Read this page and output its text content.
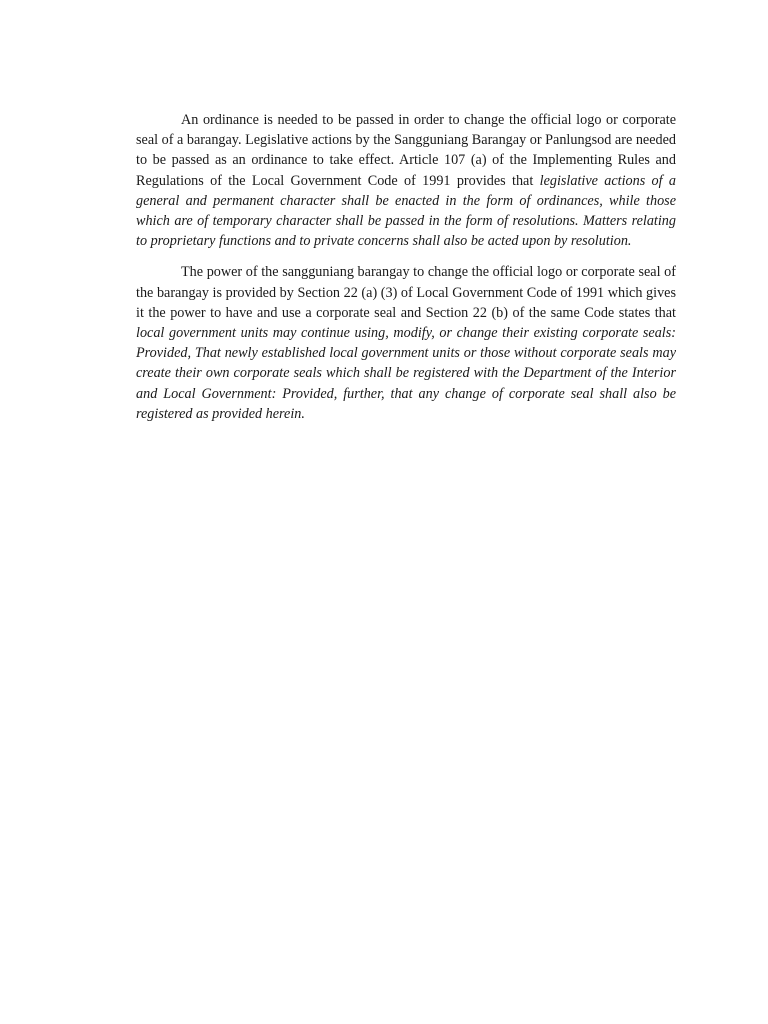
An ordinance is needed to be passed in order to change the official logo or corporate seal of a barangay. Legislative actions by the Sangguniang Barangay or Panlungsod are needed to be passed as an ordinance to take effect. Article 107 (a) of the Implementing Rules and Regulations of the Local Government Code of 1991 provides that legislative actions of a general and permanent character shall be enacted in the form of ordinances, while those which are of temporary character shall be passed in the form of resolutions. Matters relating to proprietary functions and to private concerns shall also be acted upon by resolution.

The power of the sangguniang barangay to change the official logo or corporate seal of the barangay is provided by Section 22 (a) (3) of Local Government Code of 1991 which gives it the power to have and use a corporate seal and Section 22 (b) of the same Code states that local government units may continue using, modify, or change their existing corporate seals: Provided, That newly established local government units or those without corporate seals may create their own corporate seals which shall be registered with the Department of the Interior and Local Government: Provided, further, that any change of corporate seal shall also be registered as provided herein.
